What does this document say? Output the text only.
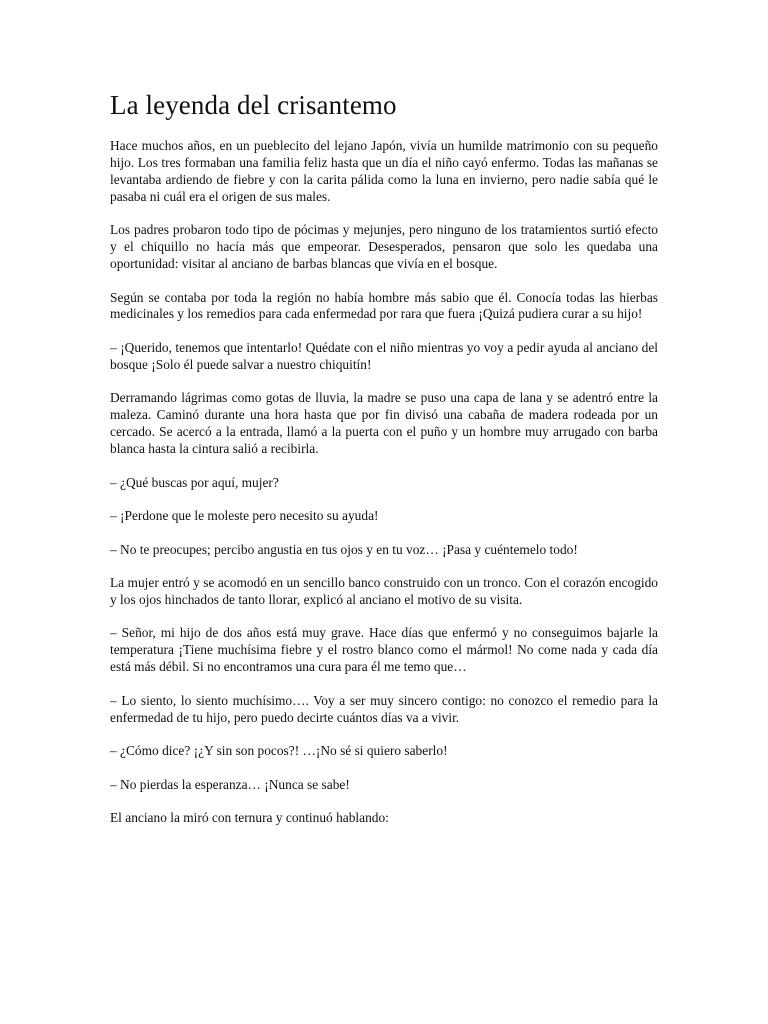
La leyenda del crisantemo

Hace muchos años, en un pueblecito del lejano Japón, vivía un humilde matrimonio con su pequeño hijo. Los tres formaban una familia feliz hasta que un día el niño cayó enfermo. Todas las mañanas se levantaba ardiendo de fiebre y con la carita pálida como la luna en invierno, pero nadie sabía qué le pasaba ni cuál era el origen de sus males.

Los padres probaron todo tipo de pócimas y mejunjes, pero ninguno de los tratamientos surtió efecto y el chiquillo no hacía más que empeorar. Desesperados, pensaron que solo les quedaba una oportunidad: visitar al anciano de barbas blancas que vivía en el bosque.

Según se contaba por toda la región no había hombre más sabio que él. Conocía todas las hierbas medicinales y los remedios para cada enfermedad por rara que fuera ¡Quizá pudiera curar a su hijo!

– ¡Querido, tenemos que intentarlo! Quédate con el niño mientras yo voy a pedir ayuda al anciano del bosque ¡Solo él puede salvar a nuestro chiquitín!

Derramando lágrimas como gotas de lluvia, la madre se puso una capa de lana y se adentró entre la maleza. Caminó durante una hora hasta que por fin divisó una cabaña de madera rodeada por un cercado. Se acercó a la entrada, llamó a la puerta con el puño y un hombre muy arrugado con barba blanca hasta la cintura salió a recibirla.

– ¿Qué buscas por aquí, mujer?

– ¡Perdone que le moleste pero necesito su ayuda!

– No te preocupes; percibo angustia en tus ojos y en tu voz… ¡Pasa y cuéntemelo todo!

La mujer entró y se acomodó en un sencillo banco construido con un tronco. Con el corazón encogido y los ojos hinchados de tanto llorar, explicó al anciano el motivo de su visita.

– Señor, mi hijo de dos años está muy grave. Hace días que enfermó y no conseguimos bajarle la temperatura ¡Tiene muchísima fiebre y el rostro blanco como el mármol! No come nada y cada día está más débil. Si no encontramos una cura para él me temo que…

– Lo siento, lo siento muchísimo…. Voy a ser muy sincero contigo: no conozco el remedio para la enfermedad de tu hijo, pero puedo decirte cuántos días va a vivir.

– ¿Cómo dice? ¡¿Y sin son pocos?! …¡No sé si quiero saberlo!

– No pierdas la esperanza… ¡Nunca se sabe!

El anciano la miró con ternura y continuó hablando:
